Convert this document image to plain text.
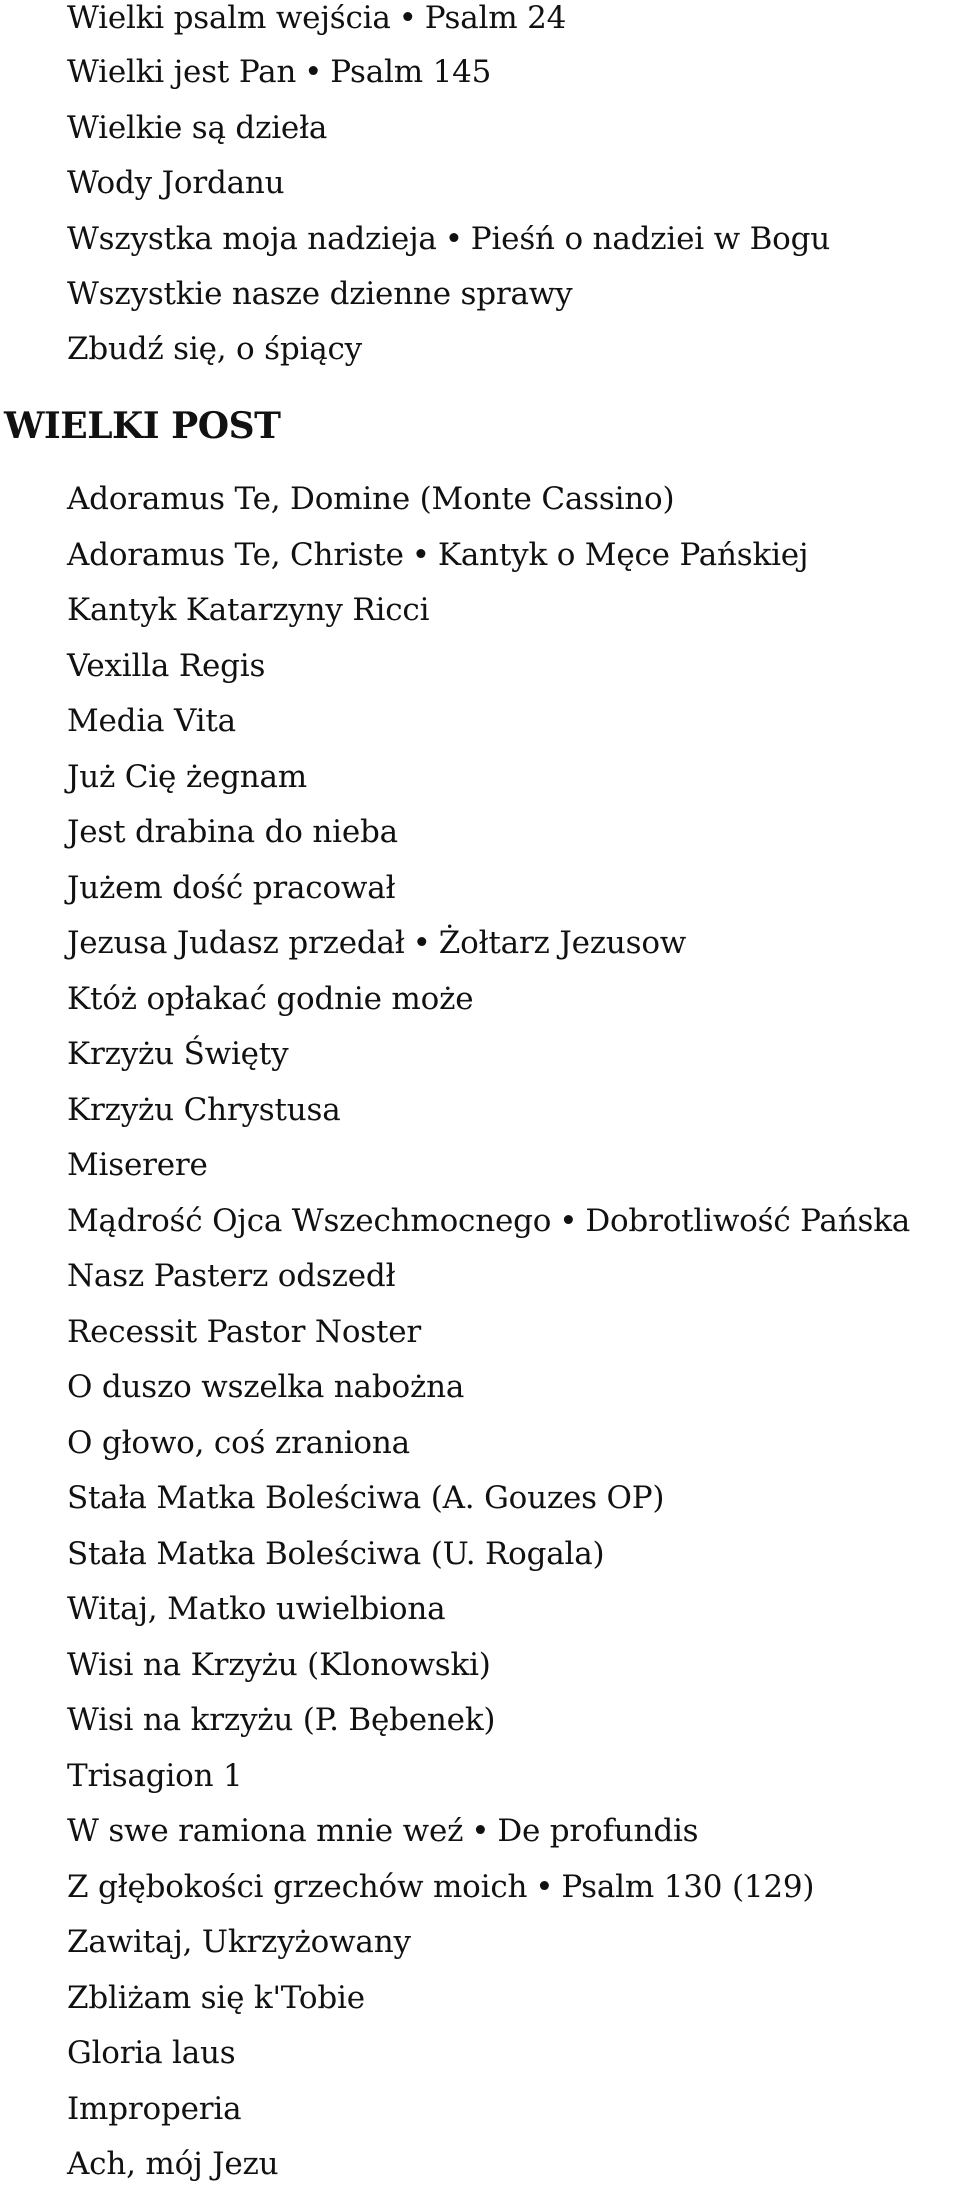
Wielki psalm wejścia • Psalm 24
Wielki jest Pan • Psalm 145
Wielkie są dzieła
Wody Jordanu
Wszystka moja nadzieja • Pieśń o nadziei w Bogu
Wszystkie nasze dzienne sprawy
Zbudź się, o śpiący
WIELKI POST
Adoramus Te, Domine (Monte Cassino)
Adoramus Te, Christe • Kantyk o Męce Pańskiej
Kantyk Katarzyny Ricci
Vexilla Regis
Media Vita
Już Cię żegnam
Jest drabina do nieba
Jużem dość pracował
Jezusa Judasz przedał • Żołtarz Jezusow
Któż opłakać godnie może
Krzyżu Święty
Krzyżu Chrystusa
Miserere
Mądrość Ojca Wszechmocnego • Dobrotliwość Pańska
Nasz Pasterz odszedł
Recessit Pastor Noster
O duszo wszelka nabożna
O głowo, coś zraniona
Stała Matka Boleściwa (A. Gouzes OP)
Stała Matka Boleściwa (U. Rogala)
Witaj, Matko uwielbiona
Wisi na Krzyżu (Klonowski)
Wisi na krzyżu (P. Bębenek)
Trisagion 1
W swe ramiona mnie weź • De profundis
Z głębokości grzechów moich • Psalm 130 (129)
Zawitaj, Ukrzyżowany
Zbliżam się k'Tobie
Gloria laus
Improperia
Ach, mój Jezu
